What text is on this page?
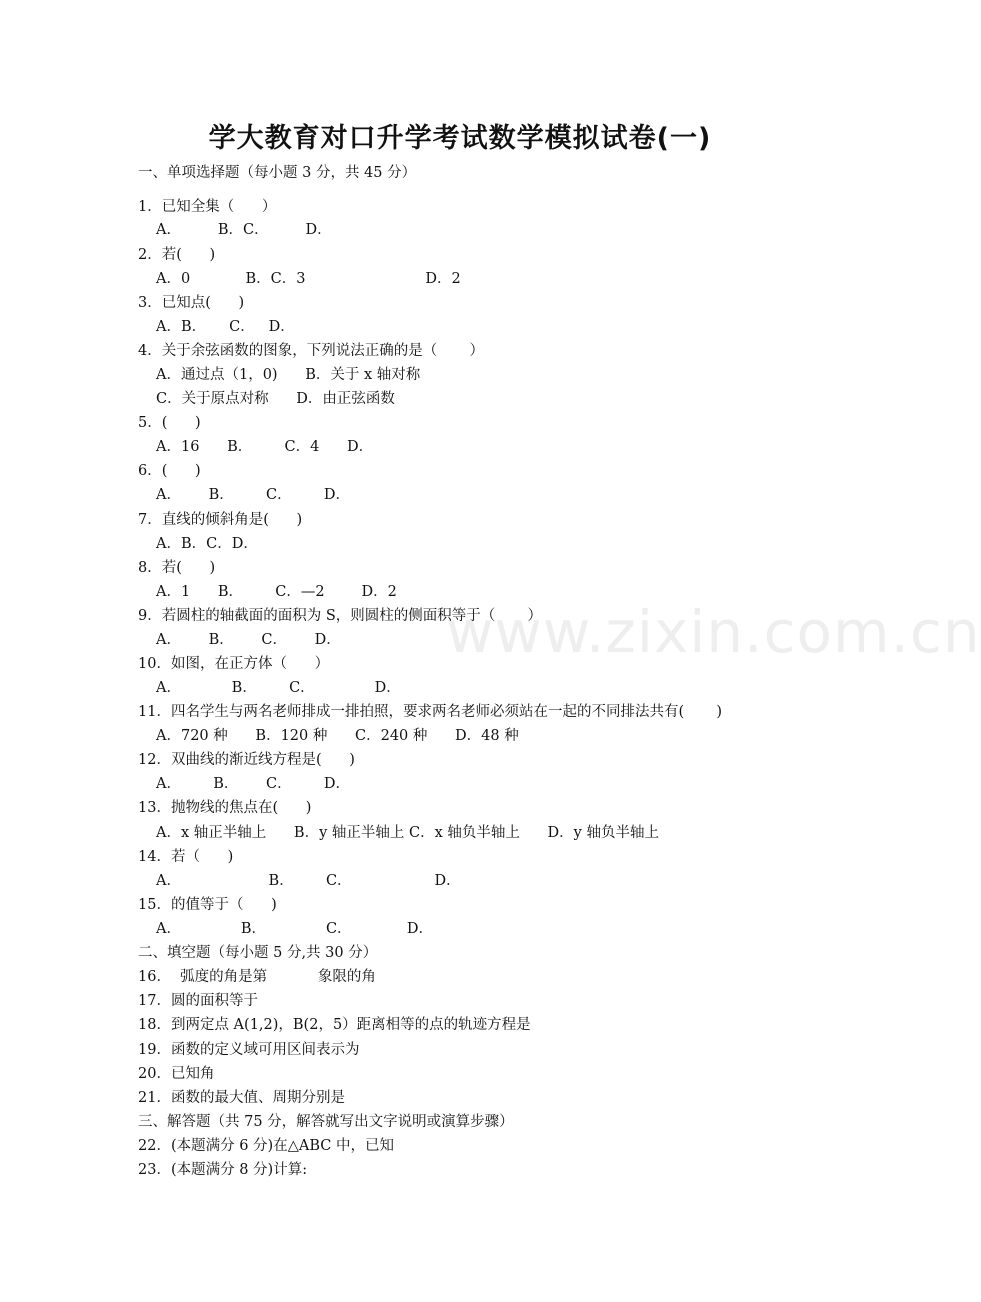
学大教育对口升学考试数学模拟试卷(一)
一、单项选择题（每小题 3 分，共 45 分）
1．已知全集（      ）
A．        B．C．        D．
2．若(      )
A．0            B．C．3                          D．2
3．已知点(      )
A．B．     C．   D．
4．关于余弦函数的图象，下列说法正确的是（       ）
A．通过点（1，0)      B．关于 x 轴对称
C．关于原点对称      D．由正弦函数
5．(      )
A．16      B．       C．4      D．
6．(      )
A．      B．       C．       D．
7．直线的倾斜角是(      )
A．B．C．D．
8．若(      )
A．1      B．       C．—2        D．2
9．若圆柱的轴截面的面积为 S，则圆柱的侧面积等于（       ）
A．      B．      C．      D．
10．如图，在正方体（      ）
A．           B．       C．             D．
11．四名学生与两名老师排成一排拍照，要求两名老师必须站在一起的不同排法共有(       )
A．720 种      B．120 种      C．240 种      D．48 种
12．双曲线的渐近线方程是(      )
A．       B．      C．       D．
13．抛物线的焦点在(      )
A．x 轴正半轴上      B．y 轴正半轴上 C．x 轴负半轴上      D．y 轴负半轴上
14．若（      )
A．                   B．       C．                  D．
15．的值等于（      )
A．             B．             C．            D．
二、填空题（每小题 5 分,共 30 分）
16．  弧度的角是第           象限的角
17．圆的面积等于
18．到两定点 A(1,2)，B(2，5）距离相等的点的轨迹方程是
19．函数的定义域可用区间表示为
20．已知角
21．函数的最大值、周期分别是
三、解答题（共 75 分，解答就写出文字说明或演算步骤）
22．(本题满分 6 分)在△ABC 中，已知
23．(本题满分 8 分)计算:
www.zixin.com.cn
